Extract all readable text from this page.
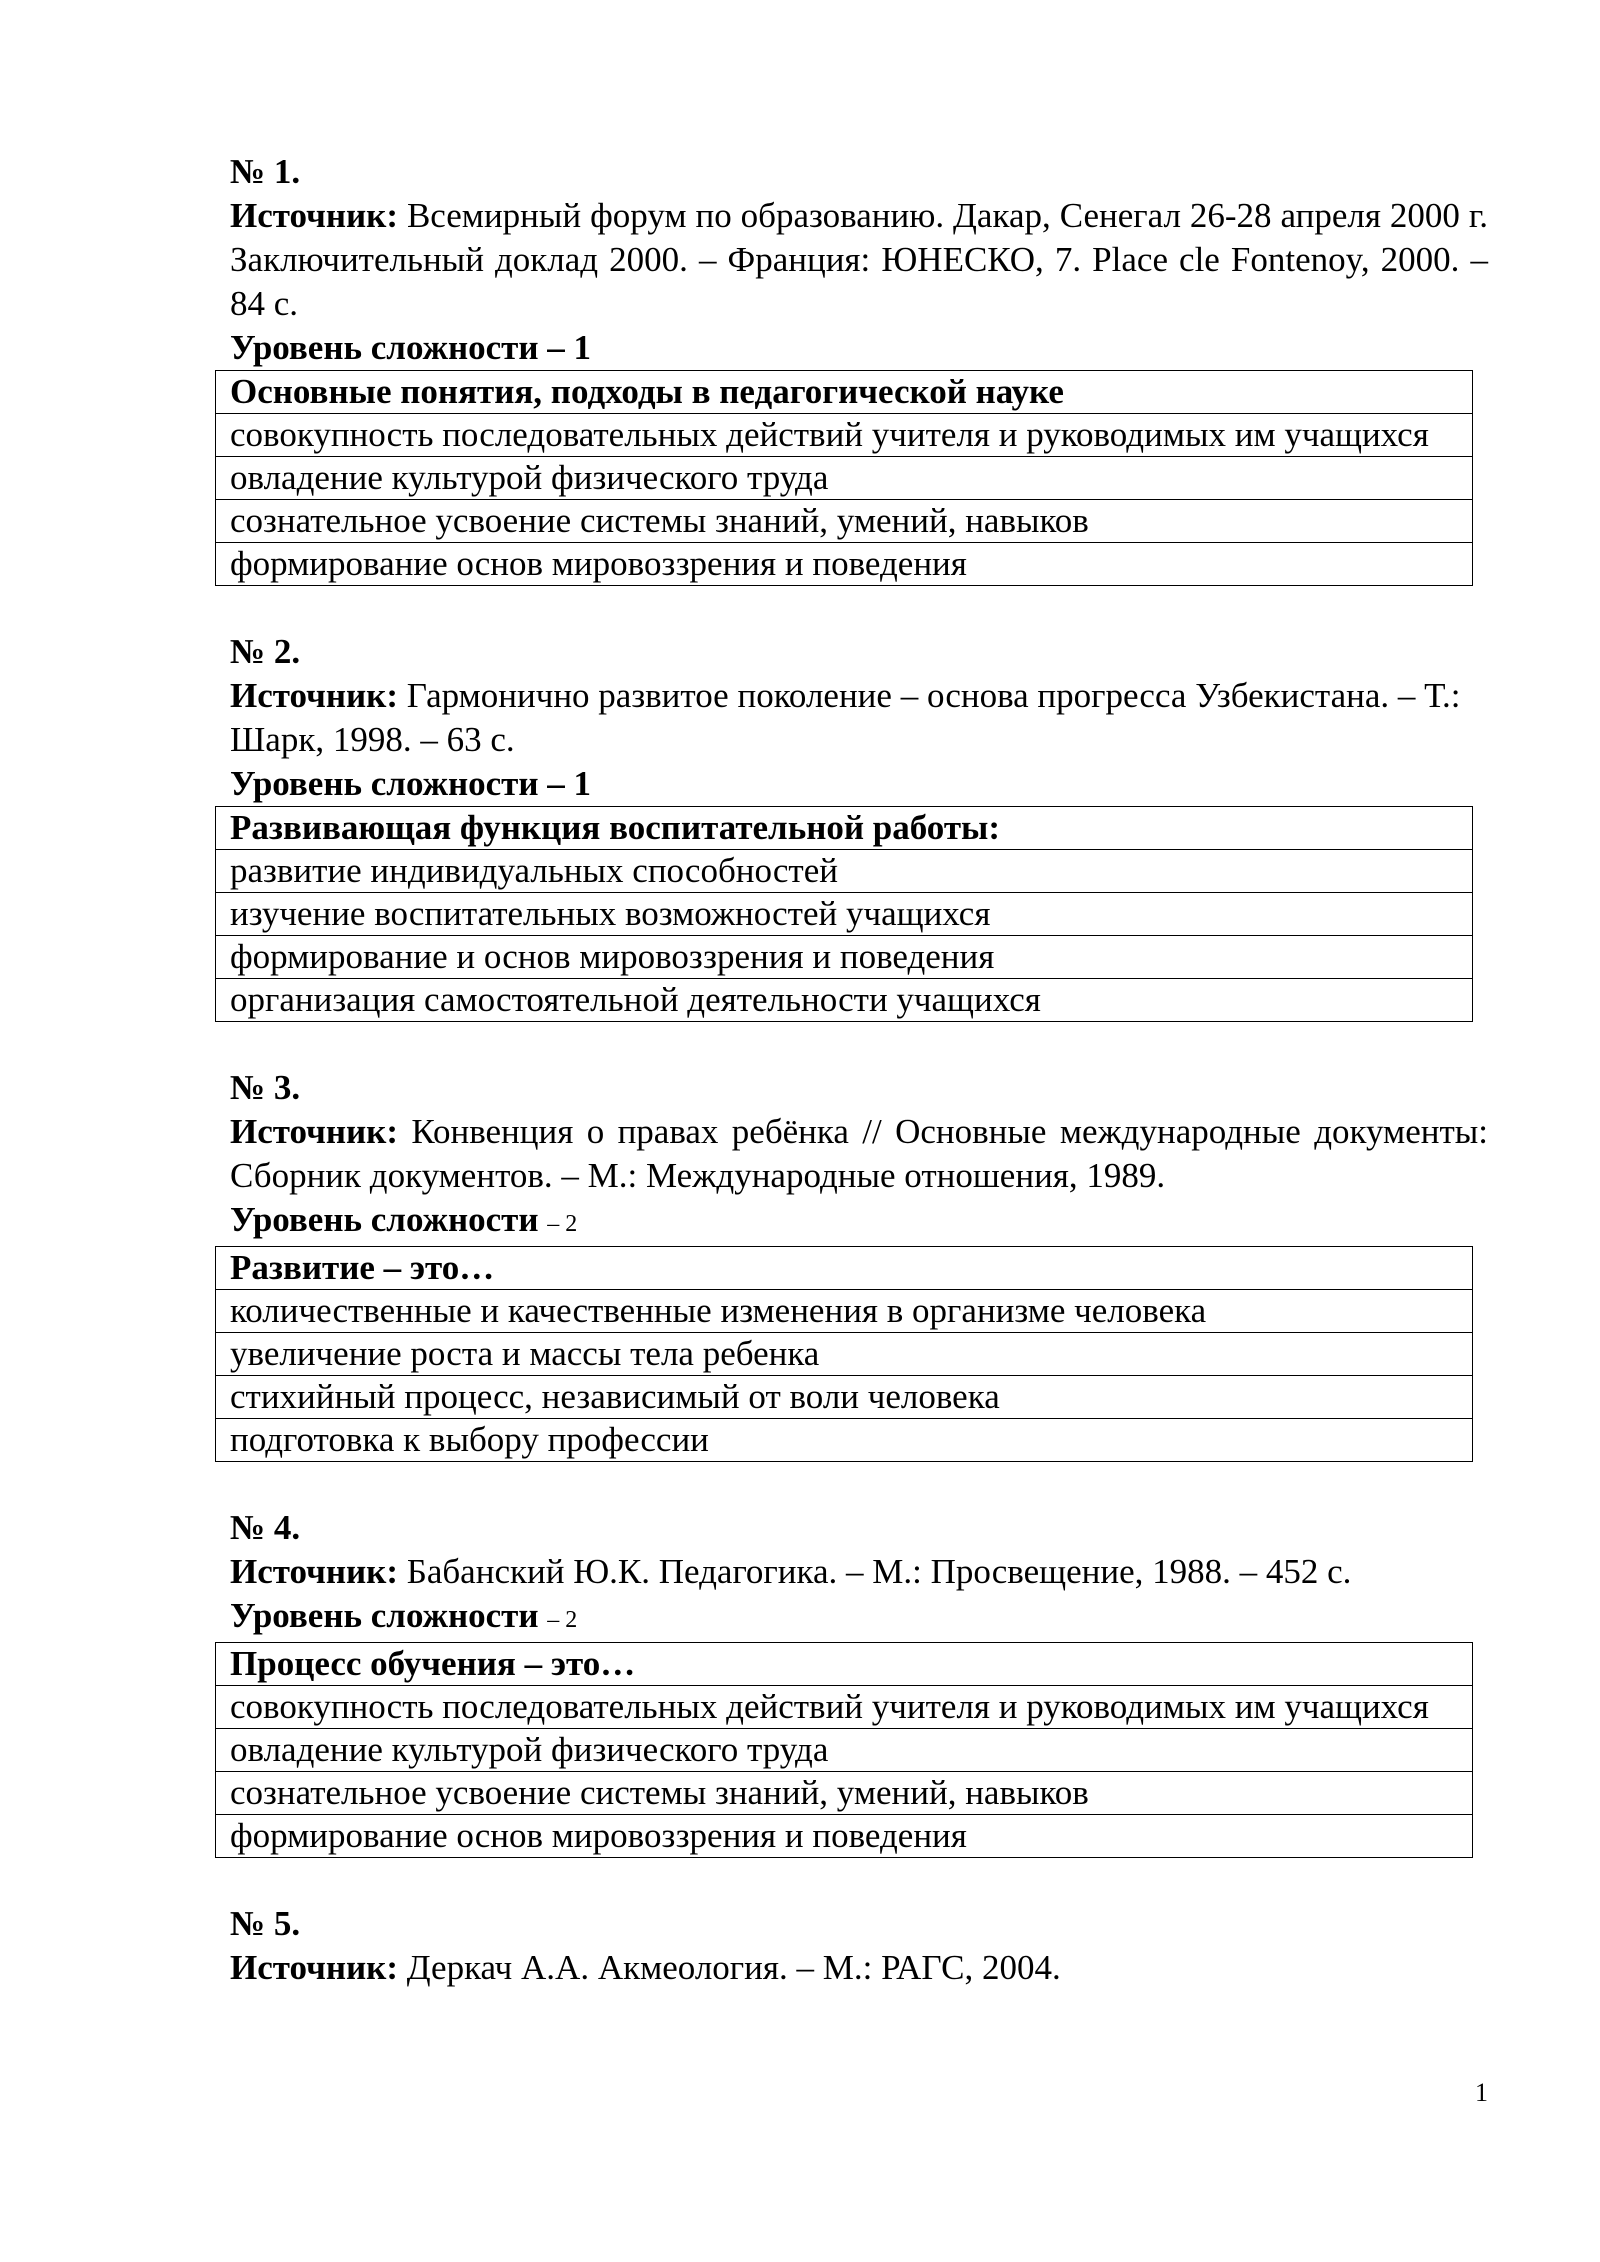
№ 1.
Источник: Всемирный форум по образованию. Дакар, Сенегал 26-28 апреля 2000 г. Заключительный доклад 2000. – Франция: ЮНЕСКО, 7. Place cle Fontenoy, 2000. – 84 с.
Уровень сложности – 1
Основные понятия, подходы в педагогической науке
совокупность последовательных действий учителя и руководимых им учащихся
овладение культурой физического труда
сознательное усвоение системы знаний, умений, навыков
формирование основ мировоззрения и поведения
№ 2.
Источник: Гармонично развитое поколение – основа прогресса Узбекистана. – Т.: Шарк, 1998. – 63 с.
Уровень сложности – 1
Развивающая функция воспитательной работы:
развитие индивидуальных способностей
изучение воспитательных возможностей учащихся
формирование и основ мировоззрения и поведения
организация самостоятельной деятельности учащихся
№ 3.
Источник: Конвенция о правах ребёнка // Основные международные документы: Сборник документов. – М.: Международные отношения, 1989.
Уровень сложности – 2
Развитие – это…
количественные и качественные изменения в организме человека
увеличение роста и массы тела ребенка
стихийный процесс, независимый от воли человека
подготовка к выбору профессии
№ 4.
Источник: Бабанский Ю.К. Педагогика. – М.: Просвещение, 1988. – 452 с.
Уровень сложности – 2
Процесс обучения – это…
совокупность последовательных действий учителя и руководимых им учащихся
овладение культурой физического труда
сознательное усвоение системы знаний, умений, навыков
формирование основ мировоззрения и поведения
№ 5.
Источник: Деркач А.А. Акмеология. – М.: РАГС, 2004.
1
